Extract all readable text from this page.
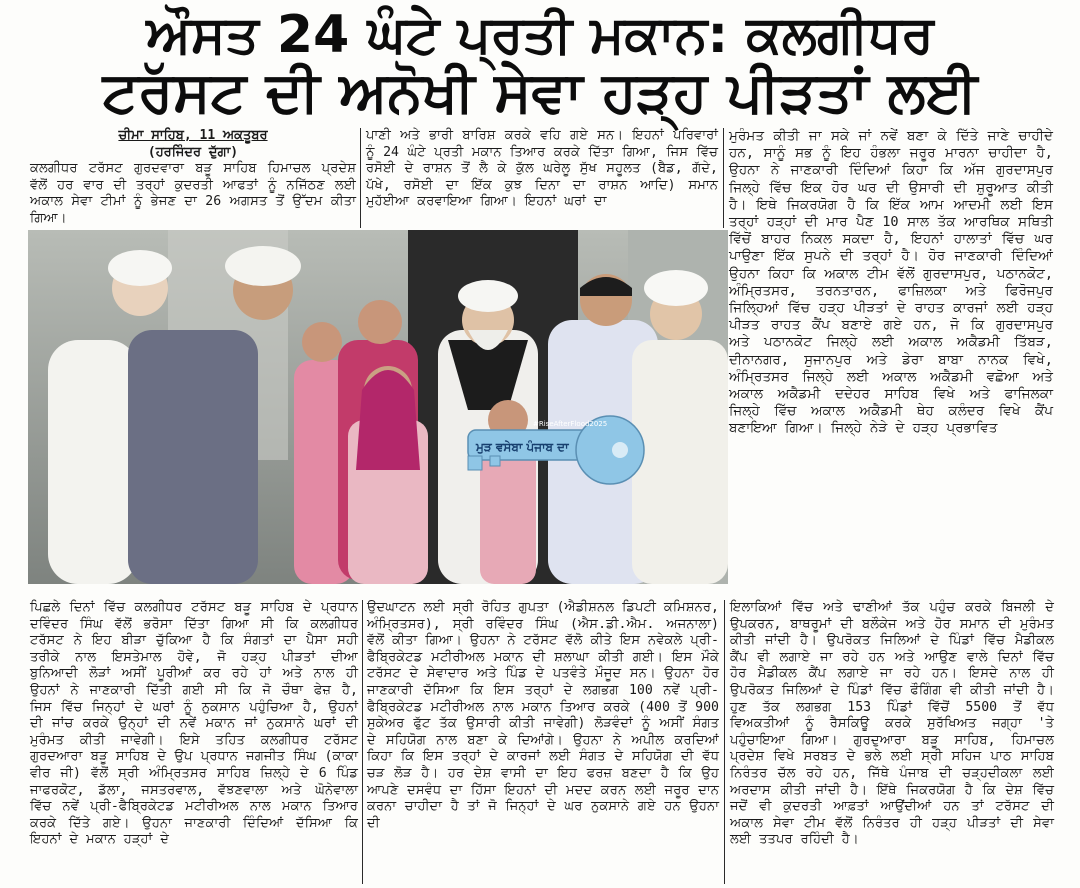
ਔਸਤ 24 ਘੰਟੇ ਪ੍ਰਤੀ ਮਕਾਨ: ਕਲਗੀਧਰ
ਟਰੱਸਟ ਦੀ ਅਨੋਖੀ ਸੇਵਾ ਹੜ੍ਹ ਪੀੜਤਾਂ ਲਈ
ਚੀਮਾ ਸਾਹਿਬ, 11 ਅਕਤੂਬਰ
(ਹਰਜਿੰਦਰ ਦੁੱਗਾ)

ਕਲਗੀਧਰ ਟਰੱਸਟ ਗੁਰਦਵਾਰਾ ਬੜੂ ਸਾਹਿਬ ਹਿਮਾਚਲ ਪ੍ਰਦੇਸ਼ ਵੱਲੋਂ ਹਰ ਵਾਰ ਦੀ ਤਰ੍ਹਾਂ ਕੁਦਰਤੀ ਆਫਤਾਂ ਨੂੰ ਨਜਿੱਠਣ ਲਈ ਅਕਾਲ ਸੇਵਾ ਟੀਮਾਂ ਨੂੰ ਭੇਜਣ ਦਾ 26 ਅਗਸਤ ਤੋਂ ਉੱਦਮ ਕੀਤਾ ਗਿਆ।

ਪਾਣੀ ਅਤੇ ਭਾਰੀ ਬਾਰਿਸ਼ ਕਰਕੇ ਵਹਿ ਗਏ ਸਨ। ਇਹਨਾਂ ਪਰਿਵਾਰਾਂ ਨੂੰ 24 ਘੰਟੇ ਪ੍ਰਤੀ ਮਕਾਨ ਤਿਆਰ ਕਰਕੇ ਦਿੱਤਾ ਗਿਆ, ਜਿਸ ਵਿੱਚ ਰਸੋਈ ਦੇ ਰਾਸ਼ਨ ਤੋਂ ਲੈ ਕੇ ਕੁੱਲ ਘਰੇਲੂ ਸੁੱਖ ਸਹੂਲਤ (ਬੈਡ, ਗੱਦੇ, ਪੱਖੇ, ਰਸੋਈ ਦਾ ਇੱਕ ਕੁਝ ਦਿਨਾ ਦਾ ਰਾਸ਼ਨ ਆਦਿ) ਸਮਾਨ ਮੁਹੱਈਆ ਕਰਵਾਇਆ ਗਿਆ। ਇਹਨਾਂ ਘਰਾਂ ਦਾ

ਮੁਰੰਮਤ ਕੀਤੀ ਜਾ ਸਕੇ ਜਾਂ ਨਵੇਂ ਬਣਾ ਕੇ ਦਿੱਤੇ ਜਾਣੇ ਚਾਹੀਦੇ ਹਨ, ਸਾਨੂੰ ਸਭ ਨੂੰ ਇਹ ਹੰਭਲਾ ਜਰੂਰ ਮਾਰਨਾ ਚਾਹੀਦਾ ਹੈ, ਉਹਨਾ ਨੇ ਜਾਣਕਾਰੀ ਦਿੰਦਿਆਂ ਕਿਹਾ ਕਿ ਅੱਜ ਗੁਰਦਾਸਪੁਰ ਜਿਲ੍ਹੇ ਵਿੱਚ ਇਕ ਹੋਰ ਘਰ ਦੀ ਉਸਾਰੀ ਦੀ ਸ਼ੁਰੂਆਤ ਕੀਤੀ ਹੈ। ਇਥੇ ਜਿਕਰਯੋਗ ਹੈ ਕਿ ਇੱਕ ਆਮ ਆਦਮੀ ਲਈ ਇਸ ਤਰ੍ਹਾਂ ਹੜ੍ਹਾਂ ਦੀ ਮਾਰ ਪੈਣ 10 ਸਾਲ ਤੱਕ ਆਰਥਿਕ ਸਥਿਤੀ ਵਿੱਚੋਂ ਬਾਹਰ ਨਿਕਲ ਸਕਦਾ ਹੈ, ਇਹਨਾਂ ਹਾਲਾਤਾਂ ਵਿੱਚ ਘਰ ਪਾਉਣਾ ਇੱਕ ਸੁਪਨੇ ਦੀ ਤਰ੍ਹਾਂ ਹੈ। ਹੋਰ ਜਾਣਕਾਰੀ ਦਿੰਦਿਆਂ ਉਹਨਾ ਕਿਹਾ ਕਿ ਅਕਾਲ ਟੀਮ ਵੱਲੋਂ ਗੁਰਦਾਸਪੁਰ, ਪਠਾਨਕੋਟ, ਅੰਮ੍ਰਿਤਸਰ, ਤਰਨਤਾਰਨ, ਫਾਜ਼ਿਲਕਾ ਅਤੇ ਫਿਰੋਜਪੁਰ ਜਿਲ੍ਹਿਆਂ ਵਿੱਚ ਹੜ੍ਹ ਪੀੜਤਾਂ ਦੇ ਰਾਹਤ ਕਾਰਜਾਂ ਲਈ ਹੜ੍ਹ ਪੀੜਤ ਰਾਹਤ ਕੈਂਪ ਬਣਾਏ ਗਏ ਹਨ, ਜੋ ਕਿ ਗੁਰਦਾਸਪੁਰ ਅਤੇ ਪਠਾਨਕੋਟ ਜਿਲ੍ਹੇ ਲਈ ਅਕਾਲ ਅਕੈਡਮੀ ਤਿੱਬੜ, ਦੀਨਾਨਗਰ, ਸੁਜਾਨਪੁਰ ਅਤੇ ਡੇਰਾ ਬਾਬਾ ਨਾਨਕ ਵਿਖੇ, ਅੰਮ੍ਰਿਤਸਰ ਜਿਲ੍ਹੇ ਲਈ ਅਕਾਲ ਅਕੈਡਮੀ ਵਛੋਆ ਅਤੇ ਅਕਾਲ ਅਕੈਡਮੀ ਦਦੇਹਰ ਸਾਹਿਬ ਵਿਖੇ ਅਤੇ ਫਾਜਿਲਕਾ ਜਿਲ੍ਹੇ ਵਿੱਚ ਅਕਾਲ ਅਕੈਡਮੀ ਥੇਹ ਕਲੰਦਰ ਵਿਖੇ ਕੈਂਪ ਬਣਾਇਆ ਗਿਆ। ਜਿਲ੍ਹੇ ਨੇੜੇ ਦੇ ਹੜ੍ਹ ਪ੍ਰਭਾਵਿਤ

ਮੁੜ ਵਸੇਬਾ ਪੰਜਾਬ ਦਾ
#RiseAfterFlood2025

ਪਿਛਲੇ ਦਿਨਾਂ ਵਿੱਚ ਕਲਗੀਧਰ ਟਰੱਸਟ ਬੜੂ ਸਾਹਿਬ ਦੇ ਪ੍ਰਧਾਨ ਦਵਿੰਦਰ ਸਿੰਘ ਵੱਲੋਂ ਭਰੋਸਾ ਦਿੱਤਾ ਗਿਆ ਸੀ ਕਿ ਕਲਗੀਧਰ ਟਰੱਸਟ ਨੇ ਇਹ ਬੀੜਾ ਚੁੱਕਿਆ ਹੈ ਕਿ ਸੰਗਤਾਂ ਦਾ ਪੈਸਾ ਸਹੀ ਤਰੀਕੇ ਨਾਲ ਇਸਤੇਮਾਲ ਹੋਵੇ, ਜੋ ਹੜ੍ਹ ਪੀੜਤਾਂ ਦੀਆ ਬੁਨਿਆਦੀ ਲੋੜਾਂ ਅਸੀਂ ਪੂਰੀਆਂ ਕਰ ਰਹੇ ਹਾਂ ਅਤੇ ਨਾਲ ਹੀ ਉਹਨਾਂ ਨੇ ਜਾਣਕਾਰੀ ਦਿੱਤੀ ਗਈ ਸੀ ਕਿ ਜੋ ਚੌਥਾ ਫੇਜ਼ ਹੈ, ਜਿਸ ਵਿੱਚ ਜਿਨ੍ਹਾਂ ਦੇ ਘਰਾਂ ਨੂੰ ਨੁਕਸਾਨ ਪਹੁੰਚਿਆ ਹੈ, ਉਹਨਾਂ ਦੀ ਜਾਂਚ ਕਰਕੇ ਉਨ੍ਹਾਂ ਦੀ ਨਵੇਂ ਮਕਾਨ ਜਾਂ ਨੁਕਸਾਨੇ ਘਰਾਂ ਦੀ ਮੁਰੰਮਤ ਕੀਤੀ ਜਾਵੇਗੀ। ਇਸੇ ਤਹਿਤ ਕਲਗੀਧਰ ਟਰੱਸਟ ਗੁਰਦਆਰਾ ਬੜੂ ਸਾਹਿਬ ਦੇ ਉਪ ਪ੍ਰਧਾਨ ਜਗਜੀਤ ਸਿੰਘ (ਕਾਕਾ ਵੀਰ ਜੀ) ਵੱਲੋਂ ਸ੍ਰੀ ਅੰਮ੍ਰਿਤਸਰ ਸਾਹਿਬ ਜ਼ਿਲ੍ਹੇ ਦੇ 6 ਪਿੰਡ ਜਾਫਰਕੋਟ, ਡੱਲਾ, ਜਸਤਰਵਾਲ, ਵੱਝਣਵਾਲਾ ਅਤੇ ਘੋਨੇਵਾਲਾ ਵਿੱਚ ਨਵੇਂ ਪ੍ਰੀ-ਫੈਬ੍ਰਿਕੇਟਡ ਮਟੀਰੀਅਲ ਨਾਲ ਮਕਾਨ ਤਿਆਰ ਕਰਕੇ ਦਿੱਤੇ ਗਏ। ਉਹਨਾ ਜਾਣਕਾਰੀ ਦਿੰਦਿਆਂ ਦੱਸਿਆ ਕਿ ਇਹਨਾਂ ਦੇ ਮਕਾਨ ਹੜ੍ਹਾਂ ਦੇ

ਉਦਘਾਟਨ ਲਈ ਸ੍ਰੀ ਰੋਹਿਤ ਗੁਪਤਾ (ਐਡੀਸ਼ਨਲ ਡਿਪਟੀ ਕਮਿਸ਼ਨਰ, ਅੰਮ੍ਰਿਤਸਰ), ਸ੍ਰੀ ਰਵਿੰਦਰ ਸਿੰਘ (ਐਸ.ਡੀ.ਐਮ. ਅਜਨਾਲਾ) ਵੱਲੋਂ ਕੀਤਾ ਗਿਆ। ਉਹਨਾ ਨੇ ਟਰੱਸਟ ਵੱਲੋ ਕੀਤੇ ਇਸ ਨਵੇਕਲੇ ਪ੍ਰੀ-ਫੈਬ੍ਰਿਕੇਟਡ ਮਟੀਰੀਅਲ ਮਕਾਨ ਦੀ ਸ਼ਲਾਘਾ ਕੀਤੀ ਗਈ। ਇਸ ਮੌਕੇ ਟਰੱਸਟ ਦੇ ਸੇਵਾਦਾਰ ਅਤੇ ਪਿੰਡ ਦੇ ਪਤਵੰਤੇ ਮੌਜੂਦ ਸਨ। ਉਹਨਾ ਹੋਰ ਜਾਣਕਾਰੀ ਦੱਸਿਆ ਕਿ ਇਸ ਤਰ੍ਹਾਂ ਦੇ ਲਗਭਗ 100 ਨਵੇਂ ਪ੍ਰੀ-ਫੈਬ੍ਰਿਕੇਟਡ ਮਟੀਰੀਅਲ ਨਾਲ ਮਕਾਨ ਤਿਆਰ ਕਰਕੇ (400 ਤੋਂ 900 ਸੁਕੇਅਰ ਫੁੱਟ ਤੱਕ ਉਸਾਰੀ ਕੀਤੀ ਜਾਵੇਗੀ) ਲੋੜਵੰਦਾਂ ਨੂੰ ਅਸੀਂ ਸੰਗਤ ਦੇ ਸਹਿਯੋਗ ਨਾਲ ਬਣਾ ਕੇ ਦਿਆਂਗੇ। ਉਹਨਾ ਨੇ ਅਪੀਲ ਕਰਦਿਆਂ ਕਿਹਾ ਕਿ ਇਸ ਤਰ੍ਹਾਂ ਦੇ ਕਾਰਜਾਂ ਲਈ ਸੰਗਤ ਦੇ ਸਹਿਯੋਗ ਦੀ ਵੱਧ ਚੜ ਲੋੜ ਹੈ। ਹਰ ਦੇਸ਼ ਵਾਸੀ ਦਾ ਇਹ ਫਰਜ਼ ਬਣਦਾ ਹੈ ਕਿ ਉਹ ਆਪਣੇ ਦਸਵੰਧ ਦਾ ਹਿੱਸਾ ਇਹਨਾਂ ਦੀ ਮਦਦ ਕਰਨ ਲਈ ਜਰੂਰ ਦਾਨ ਕਰਨਾ ਚਾਹੀਦਾ ਹੈ ਤਾਂ ਜੋ ਜਿਨ੍ਹਾਂ ਦੇ ਘਰ ਨੁਕਸਾਨੇ ਗਏ ਹਨ ਉਹਨਾ ਦੀ

ਇਲਾਕਿਆਂ ਵਿੱਚ ਅਤੇ ਢਾਣੀਆਂ ਤੱਕ ਪਹੁੰਚ ਕਰਕੇ ਬਿਜਲੀ ਦੇ ਉਪਕਰਨ, ਬਾਥਰੂਮਾਂ ਦੀ ਬਲੌਕੇਜ ਅਤੇ ਹੋਰ ਸਮਾਨ ਦੀ ਮੁਰੰਮਤ ਕੀਤੀ ਜਾਂਦੀ ਹੈ। ਉਪਰੋਕਤ ਜਿਲਿਆਂ ਦੇ ਪਿੰਡਾਂ ਵਿੱਚ ਮੈਡੀਕਲ ਕੈਂਪ ਵੀ ਲਗਾਏ ਜਾ ਰਹੇ ਹਨ ਅਤੇ ਆਉਣ ਵਾਲੇ ਦਿਨਾਂ ਵਿੱਚ ਹੋਰ ਮੈਡੀਕਲ ਕੈਂਪ ਲਗਾਏ ਜਾ ਰਹੇ ਹਨ। ਇਸਦੇ ਨਾਲ ਹੀ ਉਪਰੋਕਤ ਜਿਲਿਆਂ ਦੇ ਪਿੰਡਾਂ ਵਿੱਚ ਫੌਗਿੰਗ ਵੀ ਕੀਤੀ ਜਾਂਦੀ ਹੈ। ਹੁਣ ਤੱਕ ਲਗਭਗ 153 ਪਿੰਡਾਂ ਵਿੱਚੋਂ 5500 ਤੋਂ ਵੱਧ ਵਿਅਕਤੀਆਂ ਨੂੰ ਰੈਸਕਿਊ ਕਰਕੇ ਸੁਰੱਖਿਅਤ ਜਗ੍ਹਾ 'ਤੇ ਪਹੁੰਚਾਇਆ ਗਿਆ। ਗੁਰਦੁਆਰਾ ਬੜੂ ਸਾਹਿਬ, ਹਿਮਾਚਲ ਪ੍ਰਦੇਸ਼ ਵਿਖੇ ਸਰਬਤ ਦੇ ਭਲੇ ਲਈ ਸ੍ਰੀ ਸਹਿਜ ਪਾਠ ਸਾਹਿਬ ਨਿਰੰਤਰ ਚੱਲ ਰਹੇ ਹਨ, ਜਿੱਥੇ ਪੰਜਾਬ ਦੀ ਚੜ੍ਹਦੀਕਲਾ ਲਈ ਅਰਦਾਸ ਕੀਤੀ ਜਾਂਦੀ ਹੈ। ਇੱਥੇ ਜਿਕਰਯੋਗ ਹੈ ਕਿ ਦੇਸ਼ ਵਿੱਚ ਜਦੋਂ ਵੀ ਕੁਦਰਤੀ ਆਫ਼ਤਾਂ ਆਉਂਦੀਆਂ ਹਨ ਤਾਂ ਟਰੱਸਟ ਦੀ ਅਕਾਲ ਸੇਵਾ ਟੀਮ ਵੱਲੋਂ ਨਿਰੰਤਰ ਹੀ ਹੜ੍ਹ ਪੀੜਤਾਂ ਦੀ ਸੇਵਾ ਲਈ ਤਤਪਰ ਰਹਿੰਦੀ ਹੈ।
